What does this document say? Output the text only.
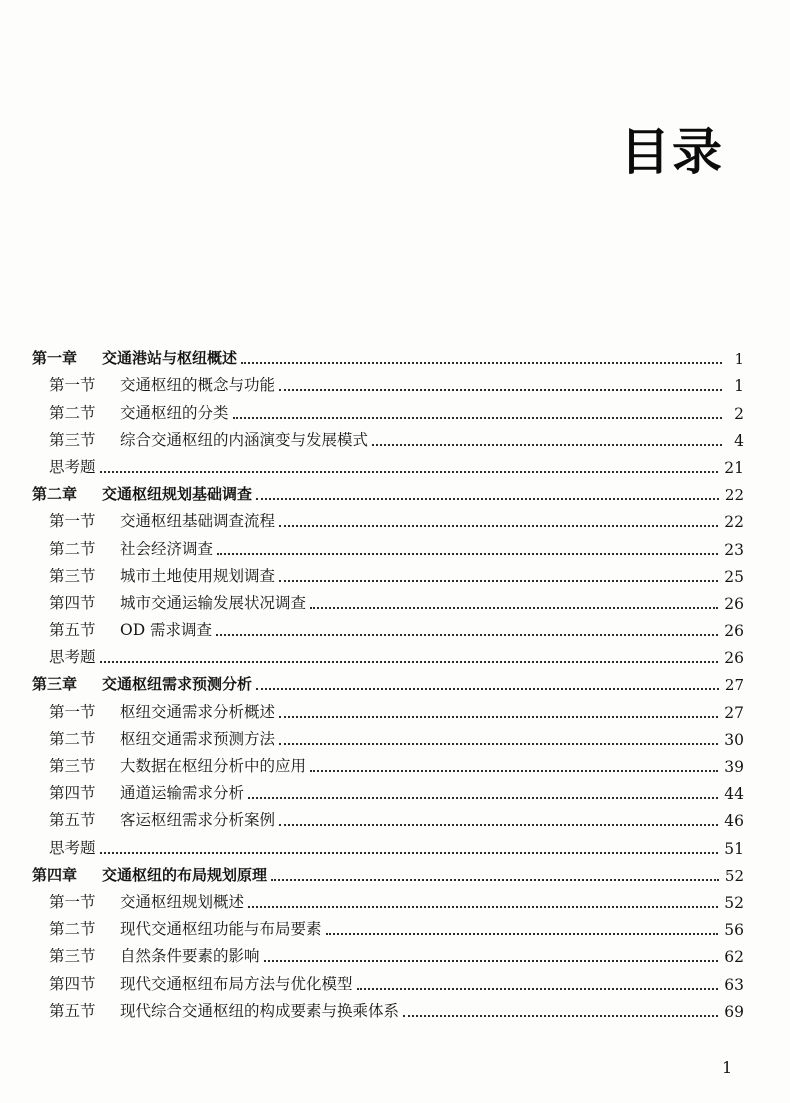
目录
第一章	交通港站与枢纽概述	1
第一节	交通枢纽的概念与功能	1
第二节	交通枢纽的分类	2
第三节	综合交通枢纽的内涵演变与发展模式	4
思考题	21
第二章	交通枢纽规划基础调查	22
第一节	交通枢纽基础调查流程	22
第二节	社会经济调查	23
第三节	城市土地使用规划调查	25
第四节	城市交通运输发展状况调查	26
第五节	OD 需求调查	26
思考题	26
第三章	交通枢纽需求预测分析	27
第一节	枢纽交通需求分析概述	27
第二节	枢纽交通需求预测方法	30
第三节	大数据在枢纽分析中的应用	39
第四节	通道运输需求分析	44
第五节	客运枢纽需求分析案例	46
思考题	51
第四章	交通枢纽的布局规划原理	52
第一节	交通枢纽规划概述	52
第二节	现代交通枢纽功能与布局要素	56
第三节	自然条件要素的影响	62
第四节	现代交通枢纽布局方法与优化模型	63
第五节	现代综合交通枢纽的构成要素与换乘体系	69
1
